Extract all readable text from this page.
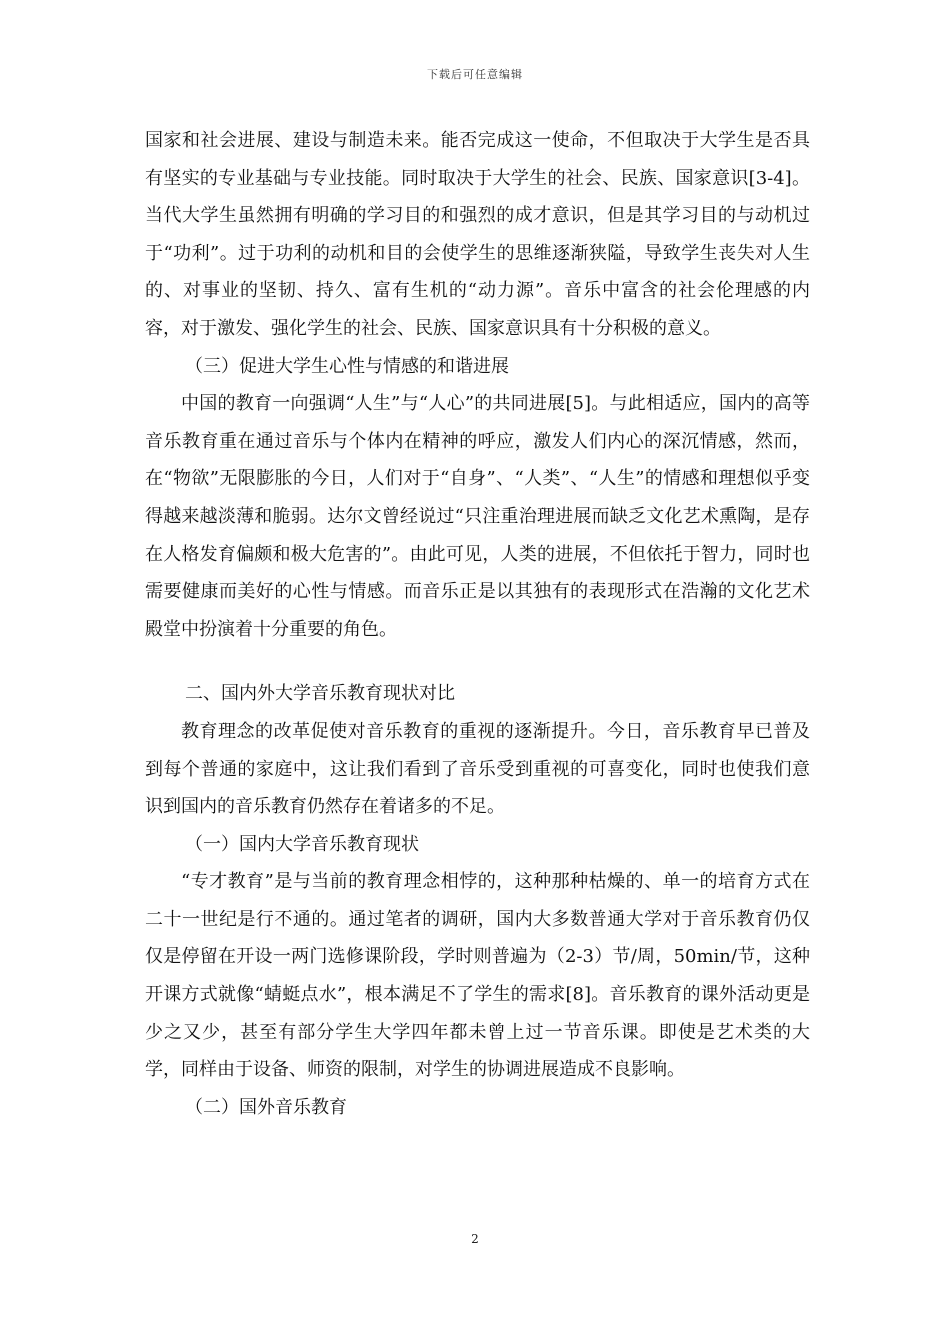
下载后可任意编辑

国家和社会进展、建设与制造未来。能否完成这一使命，不但取决于大学生是否具有坚实的专业基础与专业技能。同时取决于大学生的社会、民族、国家意识[3-4]。当代大学生虽然拥有明确的学习目的和强烈的成才意识，但是其学习目的与动机过于“功利”。过于功利的动机和目的会使学生的思维逐渐狭隘，导致学生丧失对人生的、对事业的坚韧、持久、富有生机的“动力源”。音乐中富含的社会伦理感的内容，对于激发、强化学生的社会、民族、国家意识具有十分积极的意义。

（三）促进大学生心性与情感的和谐进展

中国的教育一向强调“人生”与“人心”的共同进展[5]。与此相适应，国内的高等音乐教育重在通过音乐与个体内在精神的呼应，激发人们内心的深沉情感，然而，在“物欲”无限膨胀的今日，人们对于“自身”、“人类”、“人生”的情感和理想似乎变得越来越淡薄和脆弱。达尔文曾经说过“只注重治理进展而缺乏文化艺术熏陶，是存在人格发育偏颇和极大危害的”。由此可见，人类的进展，不但依托于智力，同时也需要健康而美好的心性与情感。而音乐正是以其独有的表现形式在浩瀚的文化艺术殿堂中扮演着十分重要的角色。

二、国内外大学音乐教育现状对比

教育理念的改革促使对音乐教育的重视的逐渐提升。今日，音乐教育早已普及到每个普通的家庭中，这让我们看到了音乐受到重视的可喜变化，同时也使我们意识到国内的音乐教育仍然存在着诸多的不足。

（一）国内大学音乐教育现状

“专才教育”是与当前的教育理念相悖的，这种那种枯燥的、单一的培育方式在二十一世纪是行不通的。通过笔者的调研，国内大多数普通大学对于音乐教育仍仅仅是停留在开设一两门选修课阶段，学时则普遍为（2-3）节/周，50min/节，这种开课方式就像“蜻蜓点水”，根本满足不了学生的需求[8]。音乐教育的课外活动更是少之又少，甚至有部分学生大学四年都未曾上过一节音乐课。即使是艺术类的大学，同样由于设备、师资的限制，对学生的协调进展造成不良影响。

（二）国外音乐教育

2
